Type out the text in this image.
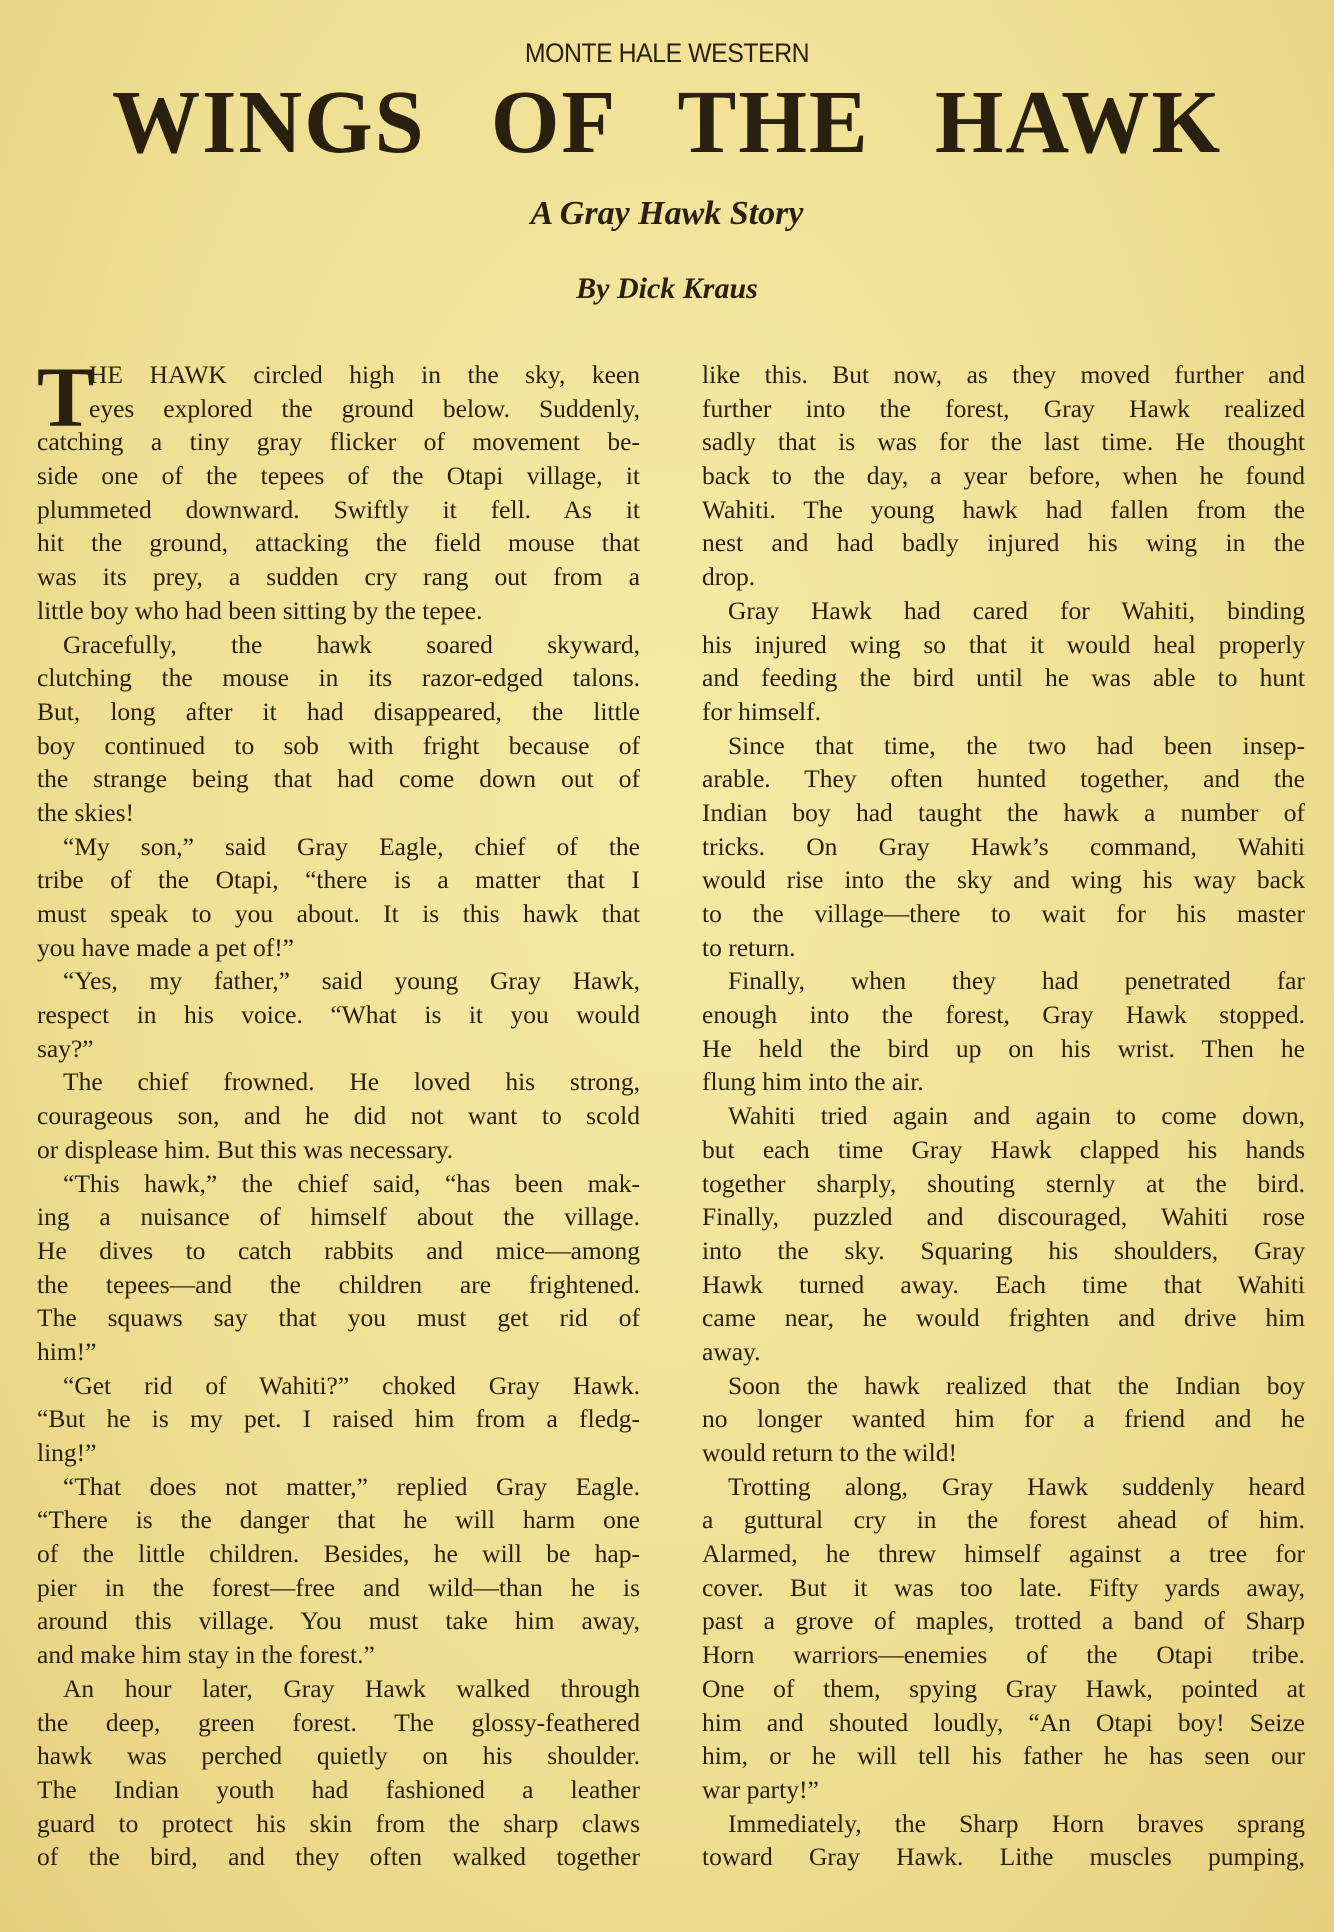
MONTE HALE WESTERN
WINGS OF THE HAWK
A Gray Hawk Story
By Dick Kraus
T
HE HAWK circled high in the sky, keen
eyes explored the ground below. Suddenly,
catching a tiny gray flicker of movement be-
side one of the tepees of the Otapi village, it
plummeted downward. Swiftly it fell. As it
hit the ground, attacking the field mouse that
was its prey, a sudden cry rang out from a
little boy who had been sitting by the tepee.
Gracefully, the hawk soared skyward,
clutching the mouse in its razor-edged talons.
But, long after it had disappeared, the little
boy continued to sob with fright because of
the strange being that had come down out of
the skies!
“My son,” said Gray Eagle, chief of the
tribe of the Otapi, “there is a matter that I
must speak to you about. It is this hawk that
you have made a pet of!”
“Yes, my father,” said young Gray Hawk,
respect in his voice. “What is it you would
say?”
The chief frowned. He loved his strong,
courageous son, and he did not want to scold
or displease him. But this was necessary.
“This hawk,” the chief said, “has been mak-
ing a nuisance of himself about the village.
He dives to catch rabbits and mice—among
the tepees—and the children are frightened.
The squaws say that you must get rid of
him!”
“Get rid of Wahiti?” choked Gray Hawk.
“But he is my pet. I raised him from a fledg-
ling!”
“That does not matter,” replied Gray Eagle.
“There is the danger that he will harm one
of the little children. Besides, he will be hap-
pier in the forest—free and wild—than he is
around this village. You must take him away,
and make him stay in the forest.”
An hour later, Gray Hawk walked through
the deep, green forest. The glossy-feathered
hawk was perched quietly on his shoulder.
The Indian youth had fashioned a leather
guard to protect his skin from the sharp claws
of the bird, and they often walked together
like this. But now, as they moved further and
further into the forest, Gray Hawk realized
sadly that is was for the last time. He thought
back to the day, a year before, when he found
Wahiti. The young hawk had fallen from the
nest and had badly injured his wing in the
drop.
Gray Hawk had cared for Wahiti, binding
his injured wing so that it would heal properly
and feeding the bird until he was able to hunt
for himself.
Since that time, the two had been insep-
arable. They often hunted together, and the
Indian boy had taught the hawk a number of
tricks. On Gray Hawk’s command, Wahiti
would rise into the sky and wing his way back
to the village—there to wait for his master
to return.
Finally, when they had penetrated far
enough into the forest, Gray Hawk stopped.
He held the bird up on his wrist. Then he
flung him into the air.
Wahiti tried again and again to come down,
but each time Gray Hawk clapped his hands
together sharply, shouting sternly at the bird.
Finally, puzzled and discouraged, Wahiti rose
into the sky. Squaring his shoulders, Gray
Hawk turned away. Each time that Wahiti
came near, he would frighten and drive him
away.
Soon the hawk realized that the Indian boy
no longer wanted him for a friend and he
would return to the wild!
Trotting along, Gray Hawk suddenly heard
a guttural cry in the forest ahead of him.
Alarmed, he threw himself against a tree for
cover. But it was too late. Fifty yards away,
past a grove of maples, trotted a band of Sharp
Horn warriors—enemies of the Otapi tribe.
One of them, spying Gray Hawk, pointed at
him and shouted loudly, “An Otapi boy! Seize
him, or he will tell his father he has seen our
war party!”
Immediately, the Sharp Horn braves sprang
toward Gray Hawk. Lithe muscles pumping,
